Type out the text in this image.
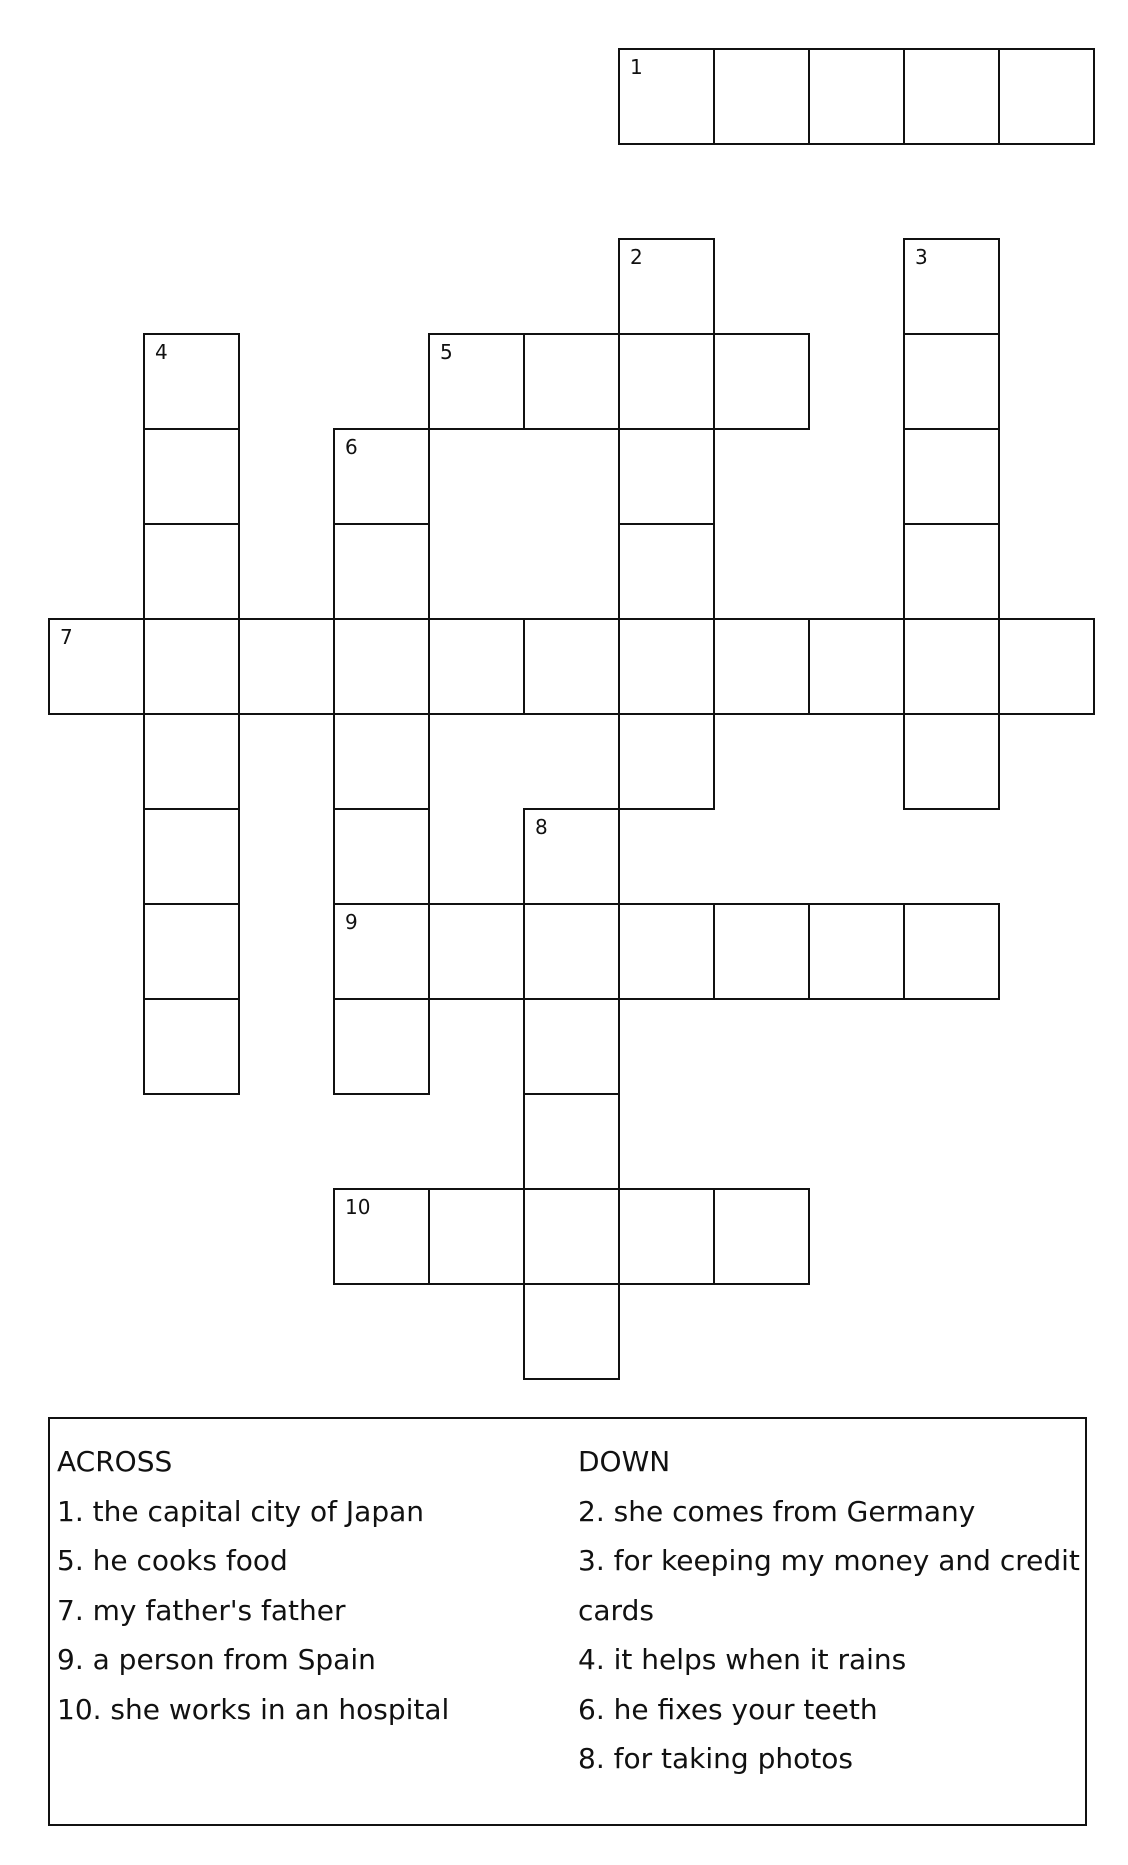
1
2	3
4	5
6
9
7
8
10
ACROSS
1. the capital city of Japan
5. he cooks food
7. my father's father
9. a person from Spain
10. she works in an hospital
DOWN
2. she comes from Germany
3. for keeping my money and credit
cards
4. it helps when it rains
6. he fixes your teeth
8. for taking photos
